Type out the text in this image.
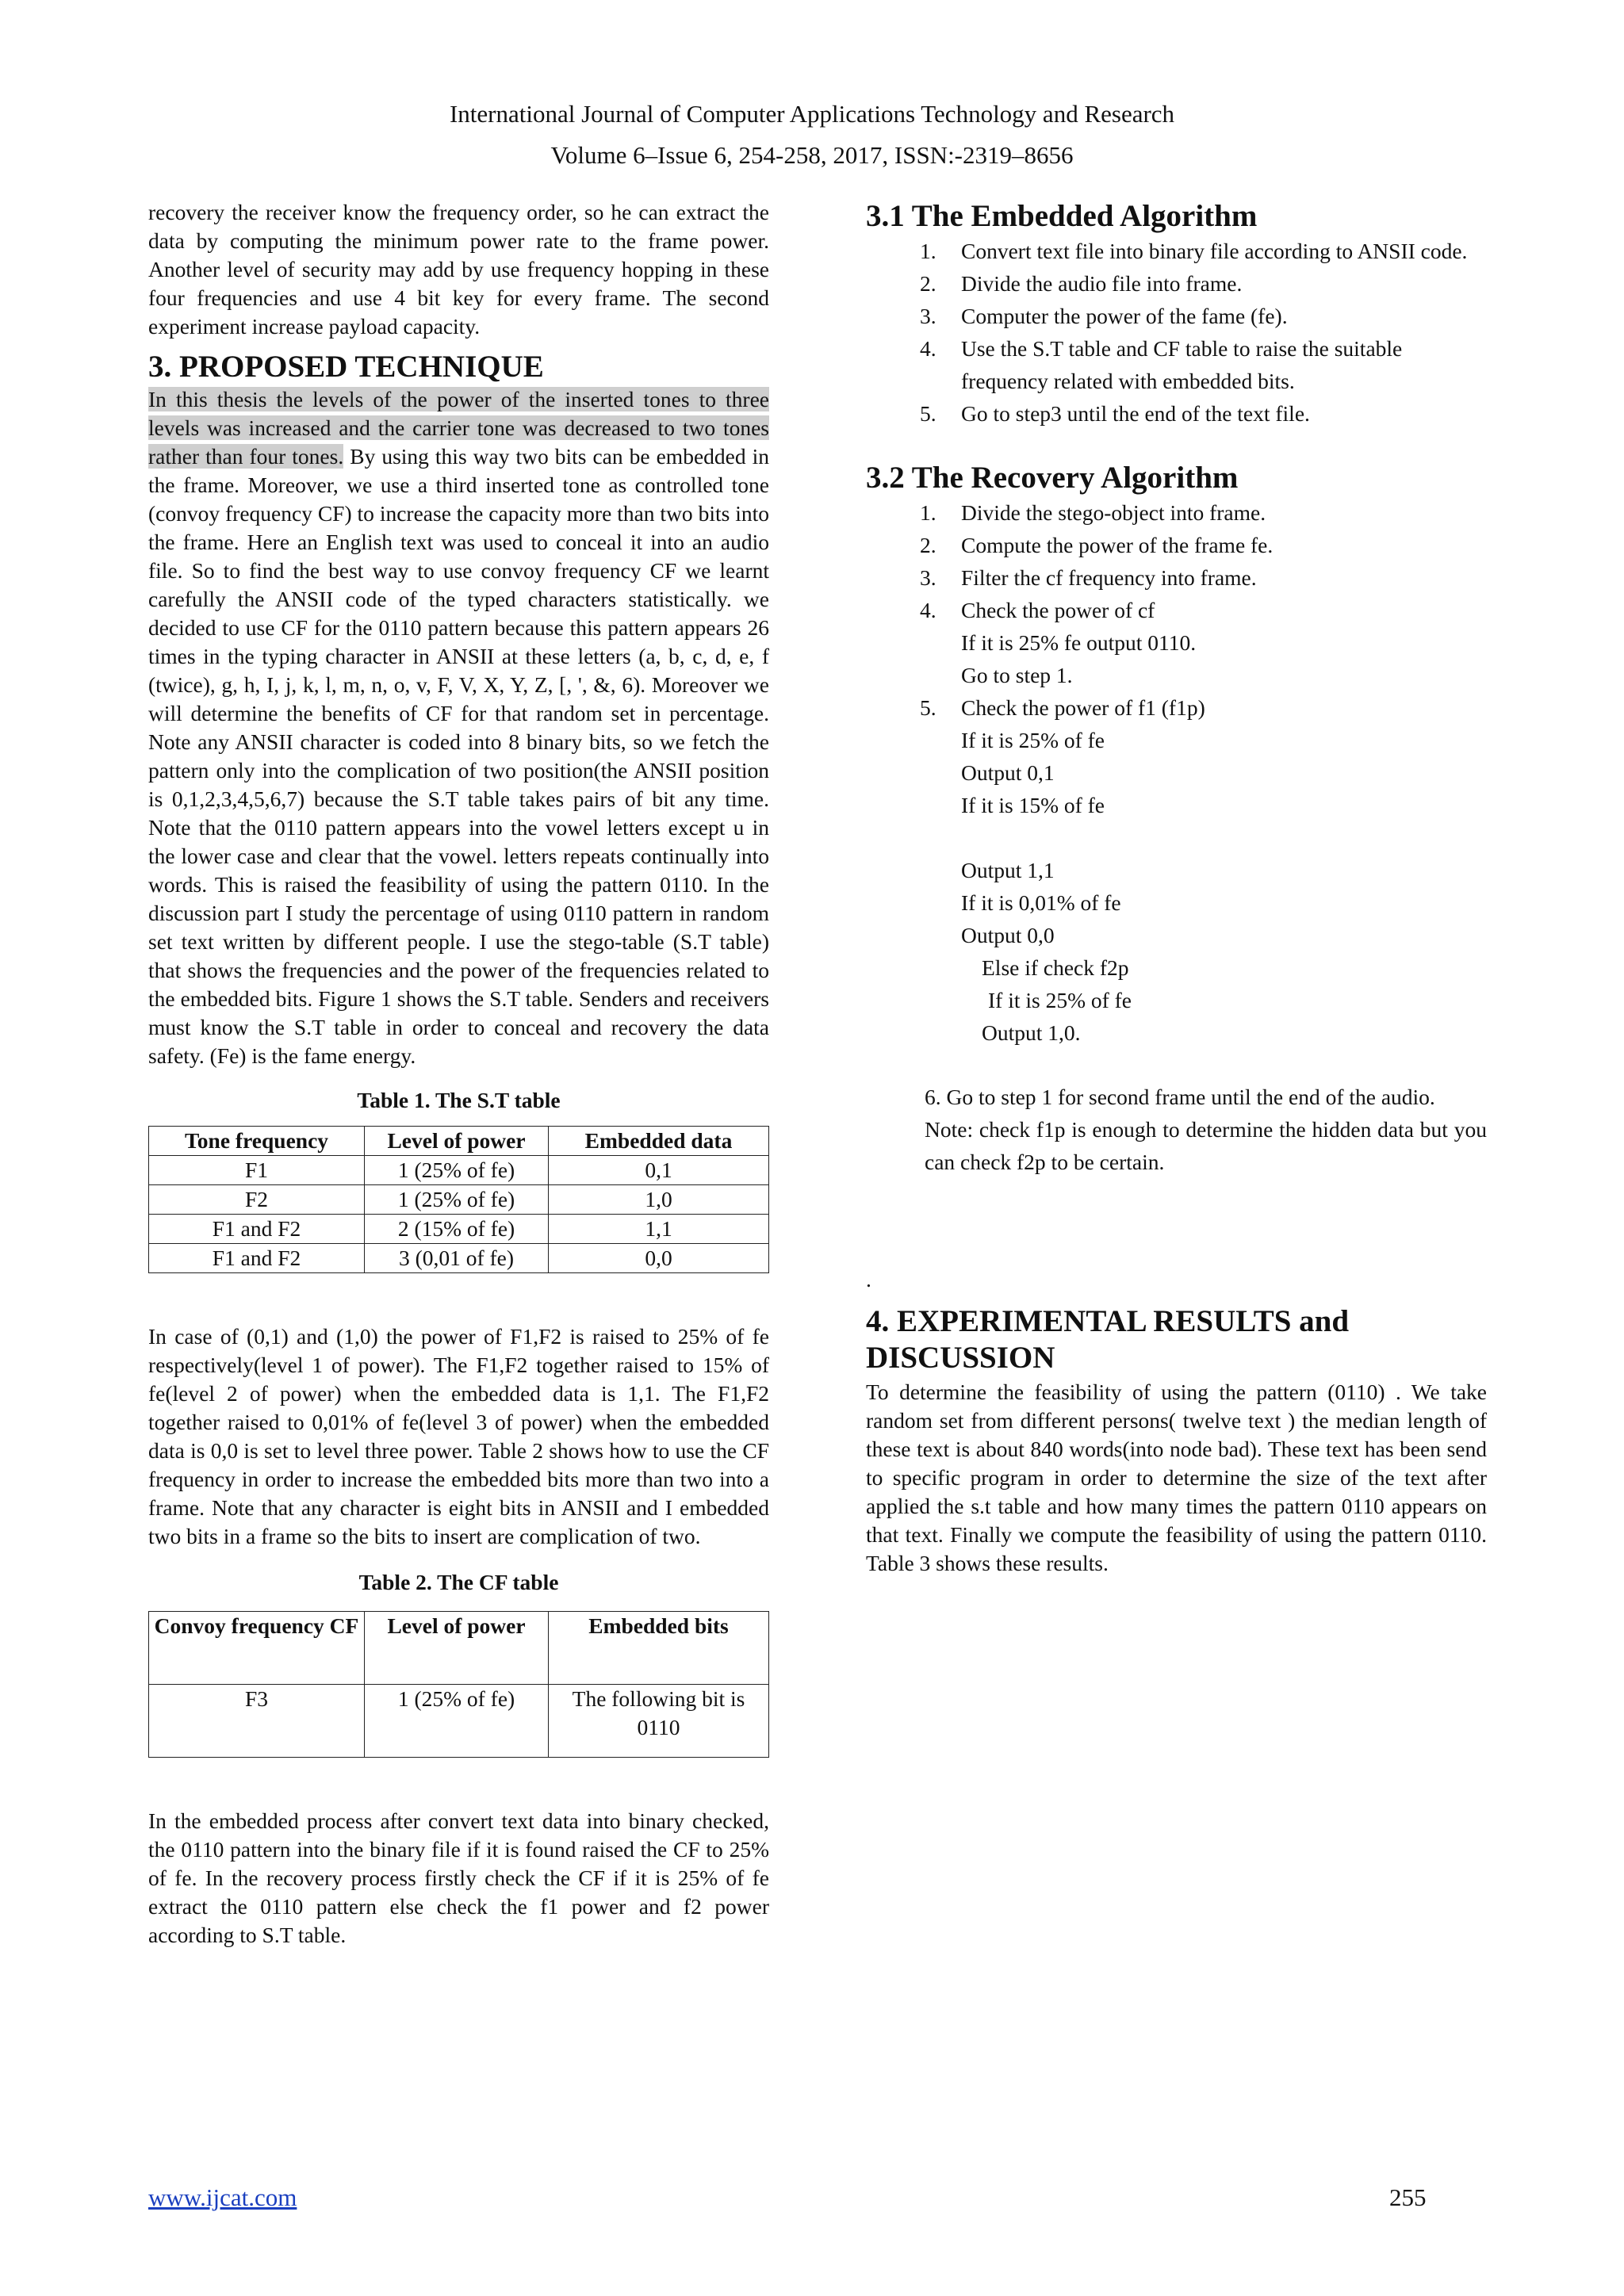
International Journal of Computer Applications Technology and Research
Volume 6–Issue 6, 254-258, 2017, ISSN:-2319–8656

recovery the receiver know the frequency order, so he can extract the data by computing the minimum power rate to the frame power. Another level of security may add by use frequency hopping in these four frequencies and use 4 bit key for every frame. The second experiment increase payload capacity.

3. PROPOSED TECHNIQUE

In this thesis the levels of the power of the inserted tones to three levels was increased and the carrier tone was decreased to two tones rather than four tones. By using this way two bits can be embedded in the frame. Moreover, we use a third inserted tone as controlled tone (convoy frequency CF) to increase the capacity more than two bits into the frame. Here an English text was used to conceal it into an audio file. So to find the best way to use convoy frequency CF we learnt carefully the ANSII code of the typed characters statistically. we decided to use CF for the 0110 pattern because this pattern appears 26 times in the typing character in ANSII at these letters (a, b, c, d, e, f (twice), g, h, I, j, k, l, m, n, o, v, F, V, X, Y, Z, [, ', &, 6). Moreover we will determine the benefits of CF for that random set in percentage. Note any ANSII character is coded into 8 binary bits, so we fetch the pattern only into the complication of two position(the ANSII position is 0,1,2,3,4,5,6,7) because the S.T table takes pairs of bit any time. Note that the 0110 pattern appears into the vowel letters except u in the lower case and clear that the vowel. letters repeats continually into words. This is raised the feasibility of using the pattern 0110. In the discussion part I study the percentage of using 0110 pattern in random set text written by different people. I use the stego-table (S.T table) that shows the frequencies and the power of the frequencies related to the embedded bits. Figure 1 shows the S.T table. Senders and receivers must know the S.T table in order to conceal and recovery the data safety. (Fe) is the fame energy.

Table 1. The S.T table
Tone frequency	Level of power	Embedded data
F1	1 (25% of fe)	0,1
F2	1 (25% of fe)	1,0
F1 and F2	2 (15% of fe)	1,1
F1 and F2	3 (0,01 of fe)	0,0

In case of (0,1) and (1,0) the power of F1,F2 is raised to 25% of fe respectively(level 1 of power). The F1,F2 together raised to 15% of fe(level 2 of power) when the embedded data is 1,1. The F1,F2 together raised to 0,01% of fe(level 3 of power) when the embedded data is 0,0 is set to level three power. Table 2 shows how to use the CF frequency in order to increase the embedded bits more than two into a frame. Note that any character is eight bits in ANSII and I embedded two bits in a frame so the bits to insert are complication of two.

Table 2. The CF table
Convoy frequency CF	Level of power	Embedded bits
F3	1 (25% of fe)	The following bit is 0110

In the embedded process after convert text data into binary checked, the 0110 pattern into the binary file if it is found raised the CF to 25% of fe. In the recovery process firstly check the CF if it is 25% of fe extract the 0110 pattern else check the f1 power and f2 power according to S.T table.

3.1 The Embedded Algorithm
1. Convert text file into binary file according to ANSII code.
2. Divide the audio file into frame.
3. Computer the power of the fame (fe).
4. Use the S.T table and CF table to raise the suitable frequency related with embedded bits.
5. Go to step3 until the end of the text file.
3.2 The Recovery Algorithm
1. Divide the stego-object into frame.
2. Compute the power of the frame fe.
3. Filter the cf frequency into frame.
4. Check the power of cf
If it is 25% fe output 0110.
Go to step 1.
5. Check the power of f1 (f1p)
If it is 25% of fe
Output 0,1
If it is 15% of fe
Output 1,1
If it is 0,01% of fe
Output 0,0
Else if check f2p
If it is 25% of fe
Output 1,0.
6. Go to step 1 for second frame until the end of the audio.
Note: check f1p is enough to determine the hidden data but you can check f2p to be certain.
.
4. EXPERIMENTAL RESULTS and DISCUSSION

To determine the feasibility of using the pattern (0110) . We take random set from different persons( twelve text ) the median length of these text is about 840 words(into node bad). These text has been send to specific program in order to determine the size of the text after applied the s.t table and how many times the pattern 0110 appears on that text. Finally we compute the feasibility of using the pattern 0110. Table 3 shows these results.

www.ijcat.com	255
